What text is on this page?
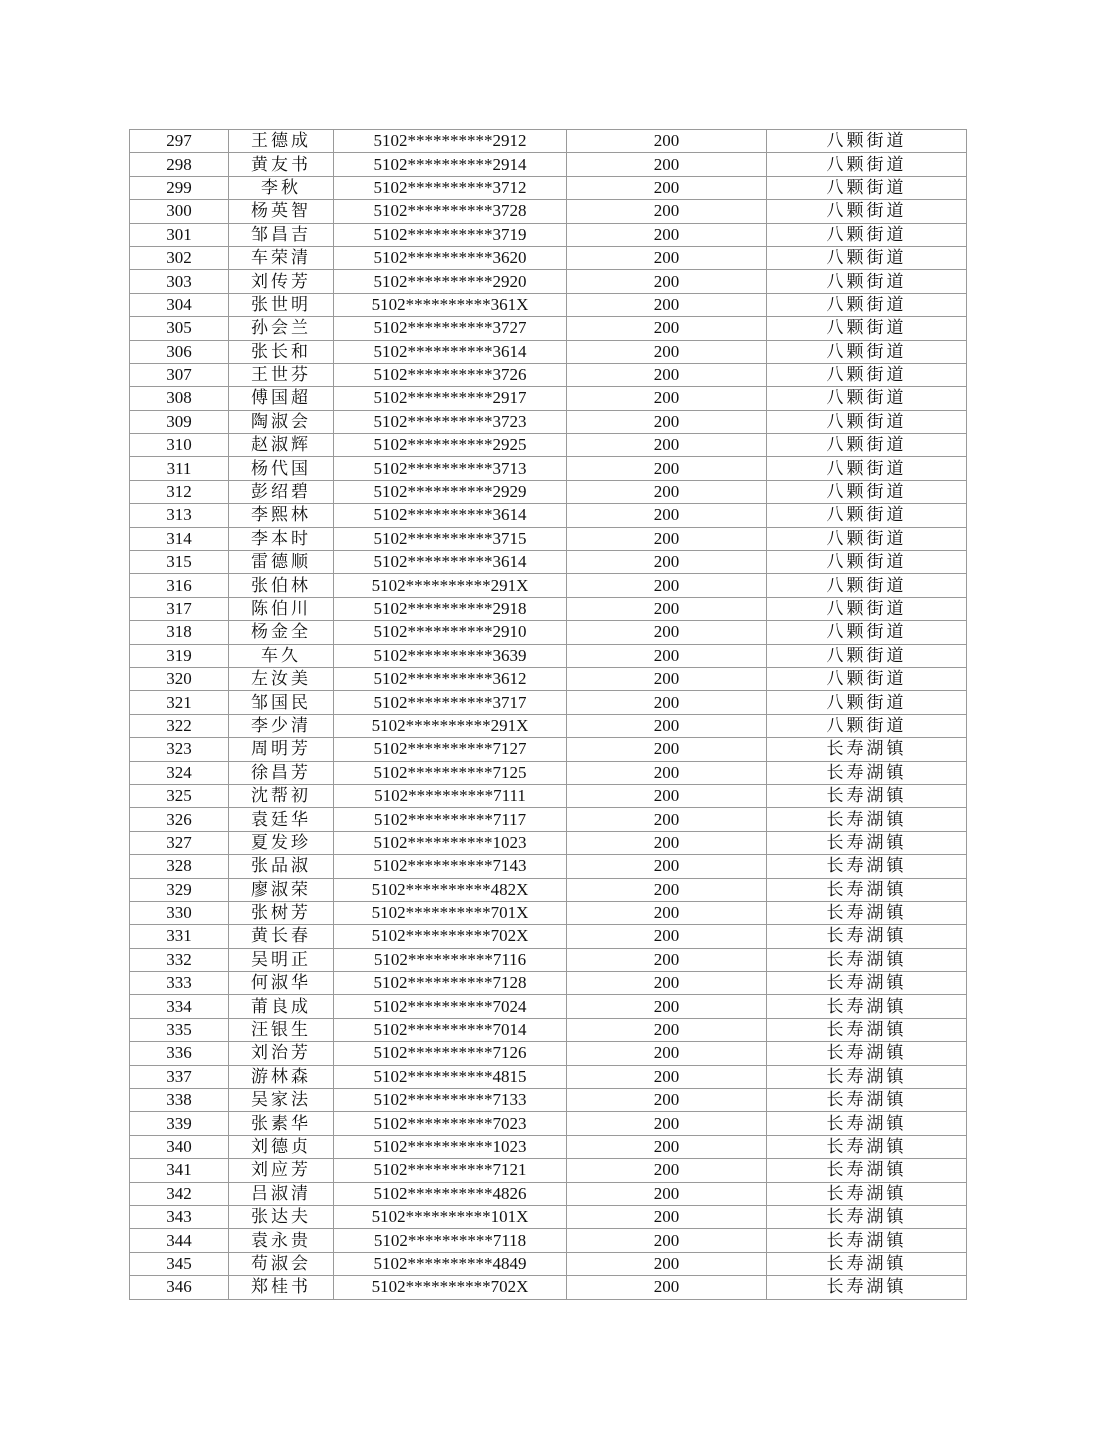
297	王德成	5102**********2912	200	八颗街道
298	黄友书	5102**********2914	200	八颗街道
299	李秋	5102**********3712	200	八颗街道
300	杨英智	5102**********3728	200	八颗街道
301	邹昌吉	5102**********3719	200	八颗街道
302	车荣清	5102**********3620	200	八颗街道
303	刘传芳	5102**********2920	200	八颗街道
304	张世明	5102**********361X	200	八颗街道
305	孙会兰	5102**********3727	200	八颗街道
306	张长和	5102**********3614	200	八颗街道
307	王世芬	5102**********3726	200	八颗街道
308	傅国超	5102**********2917	200	八颗街道
309	陶淑会	5102**********3723	200	八颗街道
310	赵淑辉	5102**********2925	200	八颗街道
311	杨代国	5102**********3713	200	八颗街道
312	彭绍碧	5102**********2929	200	八颗街道
313	李熙林	5102**********3614	200	八颗街道
314	李本时	5102**********3715	200	八颗街道
315	雷德顺	5102**********3614	200	八颗街道
316	张伯林	5102**********291X	200	八颗街道
317	陈伯川	5102**********2918	200	八颗街道
318	杨金全	5102**********2910	200	八颗街道
319	车久	5102**********3639	200	八颗街道
320	左汝美	5102**********3612	200	八颗街道
321	邹国民	5102**********3717	200	八颗街道
322	李少清	5102**********291X	200	八颗街道
323	周明芳	5102**********7127	200	长寿湖镇
324	徐昌芳	5102**********7125	200	长寿湖镇
325	沈帮初	5102**********7111	200	长寿湖镇
326	袁廷华	5102**********7117	200	长寿湖镇
327	夏发珍	5102**********1023	200	长寿湖镇
328	张品淑	5102**********7143	200	长寿湖镇
329	廖淑荣	5102**********482X	200	长寿湖镇
330	张树芳	5102**********701X	200	长寿湖镇
331	黄长春	5102**********702X	200	长寿湖镇
332	吴明正	5102**********7116	200	长寿湖镇
333	何淑华	5102**********7128	200	长寿湖镇
334	莆良成	5102**********7024	200	长寿湖镇
335	汪银生	5102**********7014	200	长寿湖镇
336	刘治芳	5102**********7126	200	长寿湖镇
337	游林森	5102**********4815	200	长寿湖镇
338	吴家法	5102**********7133	200	长寿湖镇
339	张素华	5102**********7023	200	长寿湖镇
340	刘德贞	5102**********1023	200	长寿湖镇
341	刘应芳	5102**********7121	200	长寿湖镇
342	吕淑清	5102**********4826	200	长寿湖镇
343	张达夫	5102**********101X	200	长寿湖镇
344	袁永贵	5102**********7118	200	长寿湖镇
345	苟淑会	5102**********4849	200	长寿湖镇
346	郑桂书	5102**********702X	200	长寿湖镇
